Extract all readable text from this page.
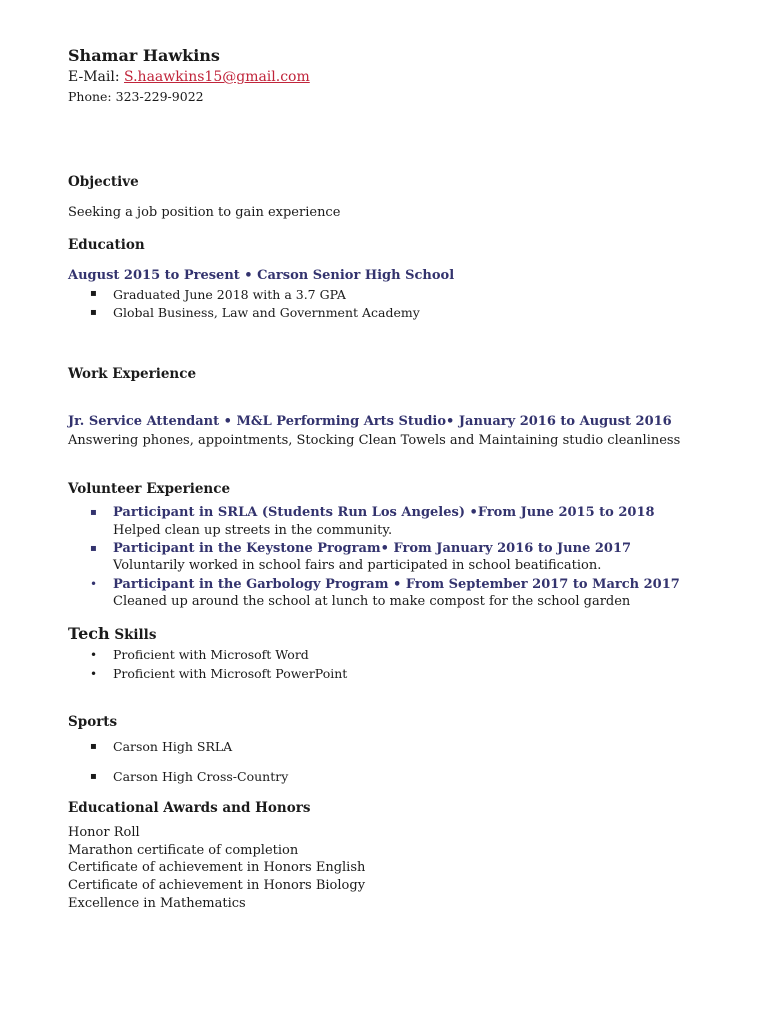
Shamar Hawkins
E-Mail: S.haawkins15@gmail.com
Phone: 323-229-9022
Objective
Seeking a job position to gain experience
Education
August 2015 to Present • Carson Senior High School
▪ Graduated June 2018 with a 3.7 GPA
▪ Global Business, Law and Government Academy
Work Experience
Jr. Service Attendant • M&L Performing Arts Studio• January 2016 to August 2016
Answering phones, appointments, Stocking Clean Towels and Maintaining studio cleanliness
Volunteer Experience
▪ Participant in SRLA (Students Run Los Angeles) •From June 2015 to 2018
Helped clean up streets in the community.
▪ Participant in the Keystone Program• From January 2016 to June 2017
Voluntarily worked in school fairs and participated in school beatification.
• Participant in the Garbology Program • From September 2017 to March 2017
Cleaned up around the school at lunch to make compost for the school garden
Tech Skills
• Proficient with Microsoft Word
• Proficient with Microsoft PowerPoint
Sports
▪ Carson High SRLA
▪ Carson High Cross-Country
Educational Awards and Honors
Honor Roll
Marathon certificate of completion
Certificate of achievement in Honors English
Certificate of achievement in Honors Biology
Excellence in Mathematics
